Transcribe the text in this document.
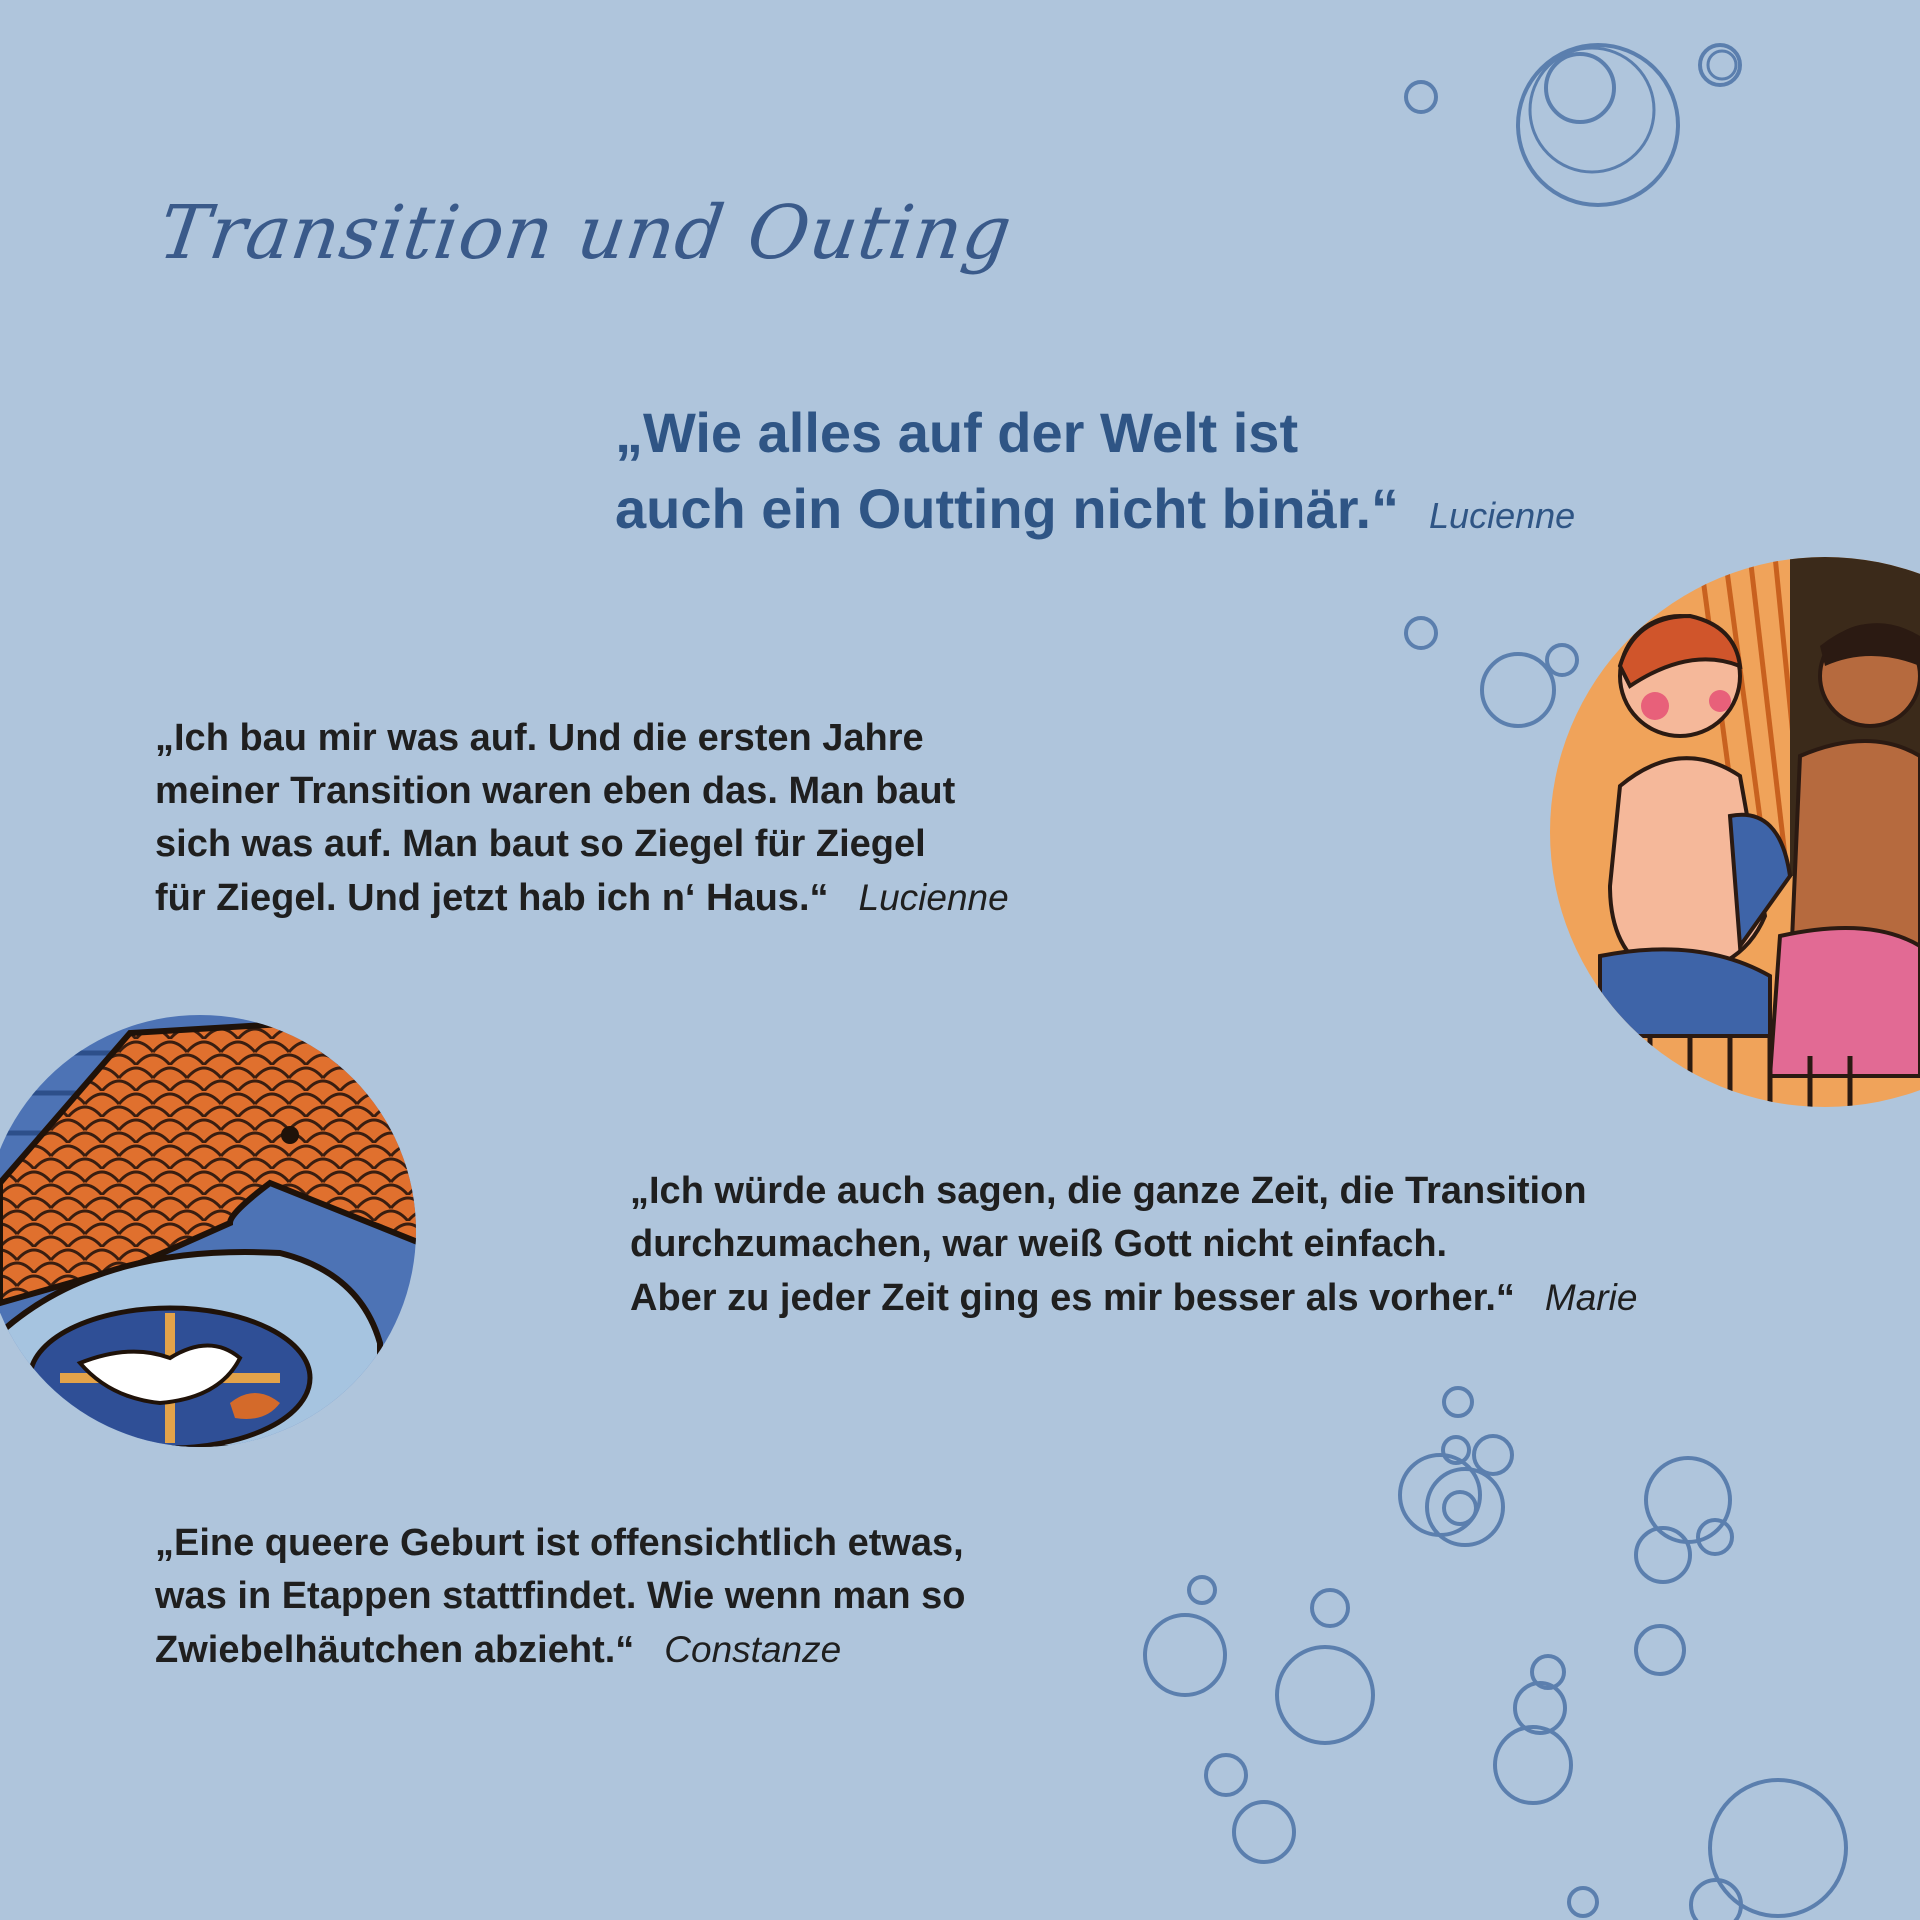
Transition und Outing

„Wie alles auf der Welt ist
auch ein Outting nicht binär.“ Lucienne

„Ich bau mir was auf. Und die ersten Jahre
meiner Transition waren eben das. Man baut
sich was auf. Man baut so Ziegel für Ziegel
für Ziegel. Und jetzt hab ich n‘ Haus.“ Lucienne

„Ich würde auch sagen, die ganze Zeit, die Transition
durchzumachen, war weiß Gott nicht einfach.
Aber zu jeder Zeit ging es mir besser als vorher.“ Marie

„Eine queere Geburt ist offensichtlich etwas,
was in Etappen stattfindet. Wie wenn man so
Zwiebelhäutchen abzieht.“ Constanze
